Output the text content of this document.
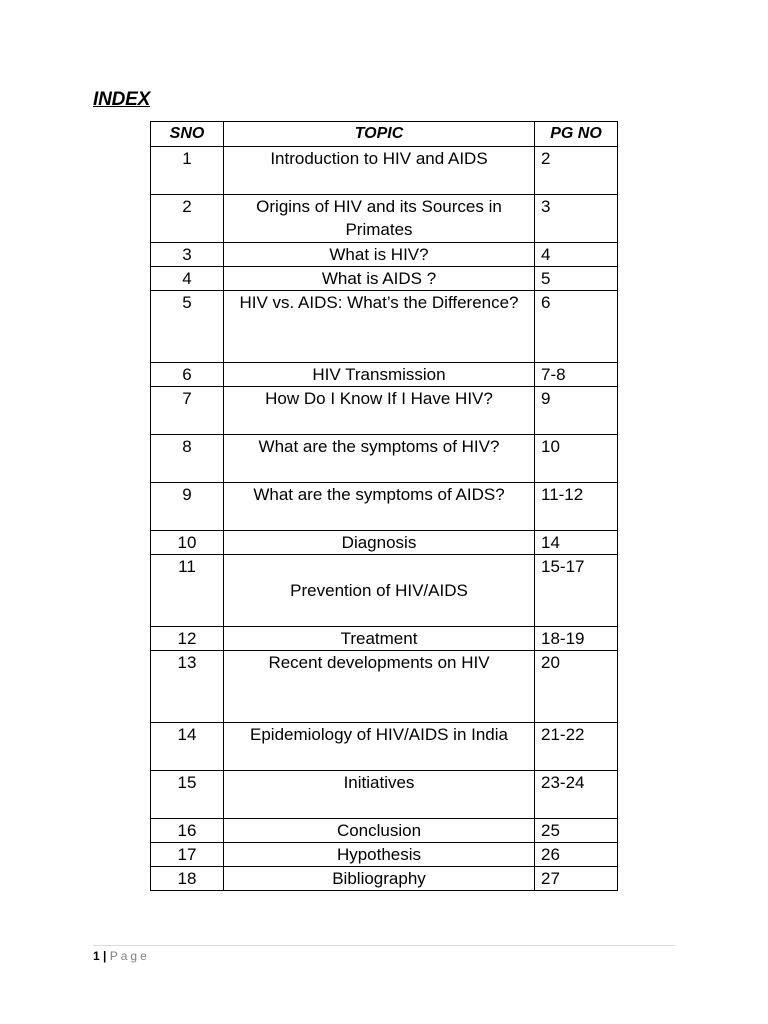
INDEX
SNO	TOPIC	PG NO
1	Introduction to HIV and AIDS	2
2	Origins of HIV and its Sources in Primates	3
3	What is HIV?	4
4	What is AIDS ?	5
5	HIV vs. AIDS: What’s the Difference?	6
6	HIV Transmission	7-8
7	How Do I Know If I Have HIV?	9
8	What are the symptoms of HIV?	10
9	What are the symptoms of AIDS?	11-12
10	Diagnosis	14
11	Prevention of HIV/AIDS	15-17
12	Treatment	18-19
13	Recent developments on HIV	20
14	Epidemiology of HIV/AIDS in India	21-22
15	Initiatives	23-24
16	Conclusion	25
17	Hypothesis	26
18	Bibliography	27
1 | Page
